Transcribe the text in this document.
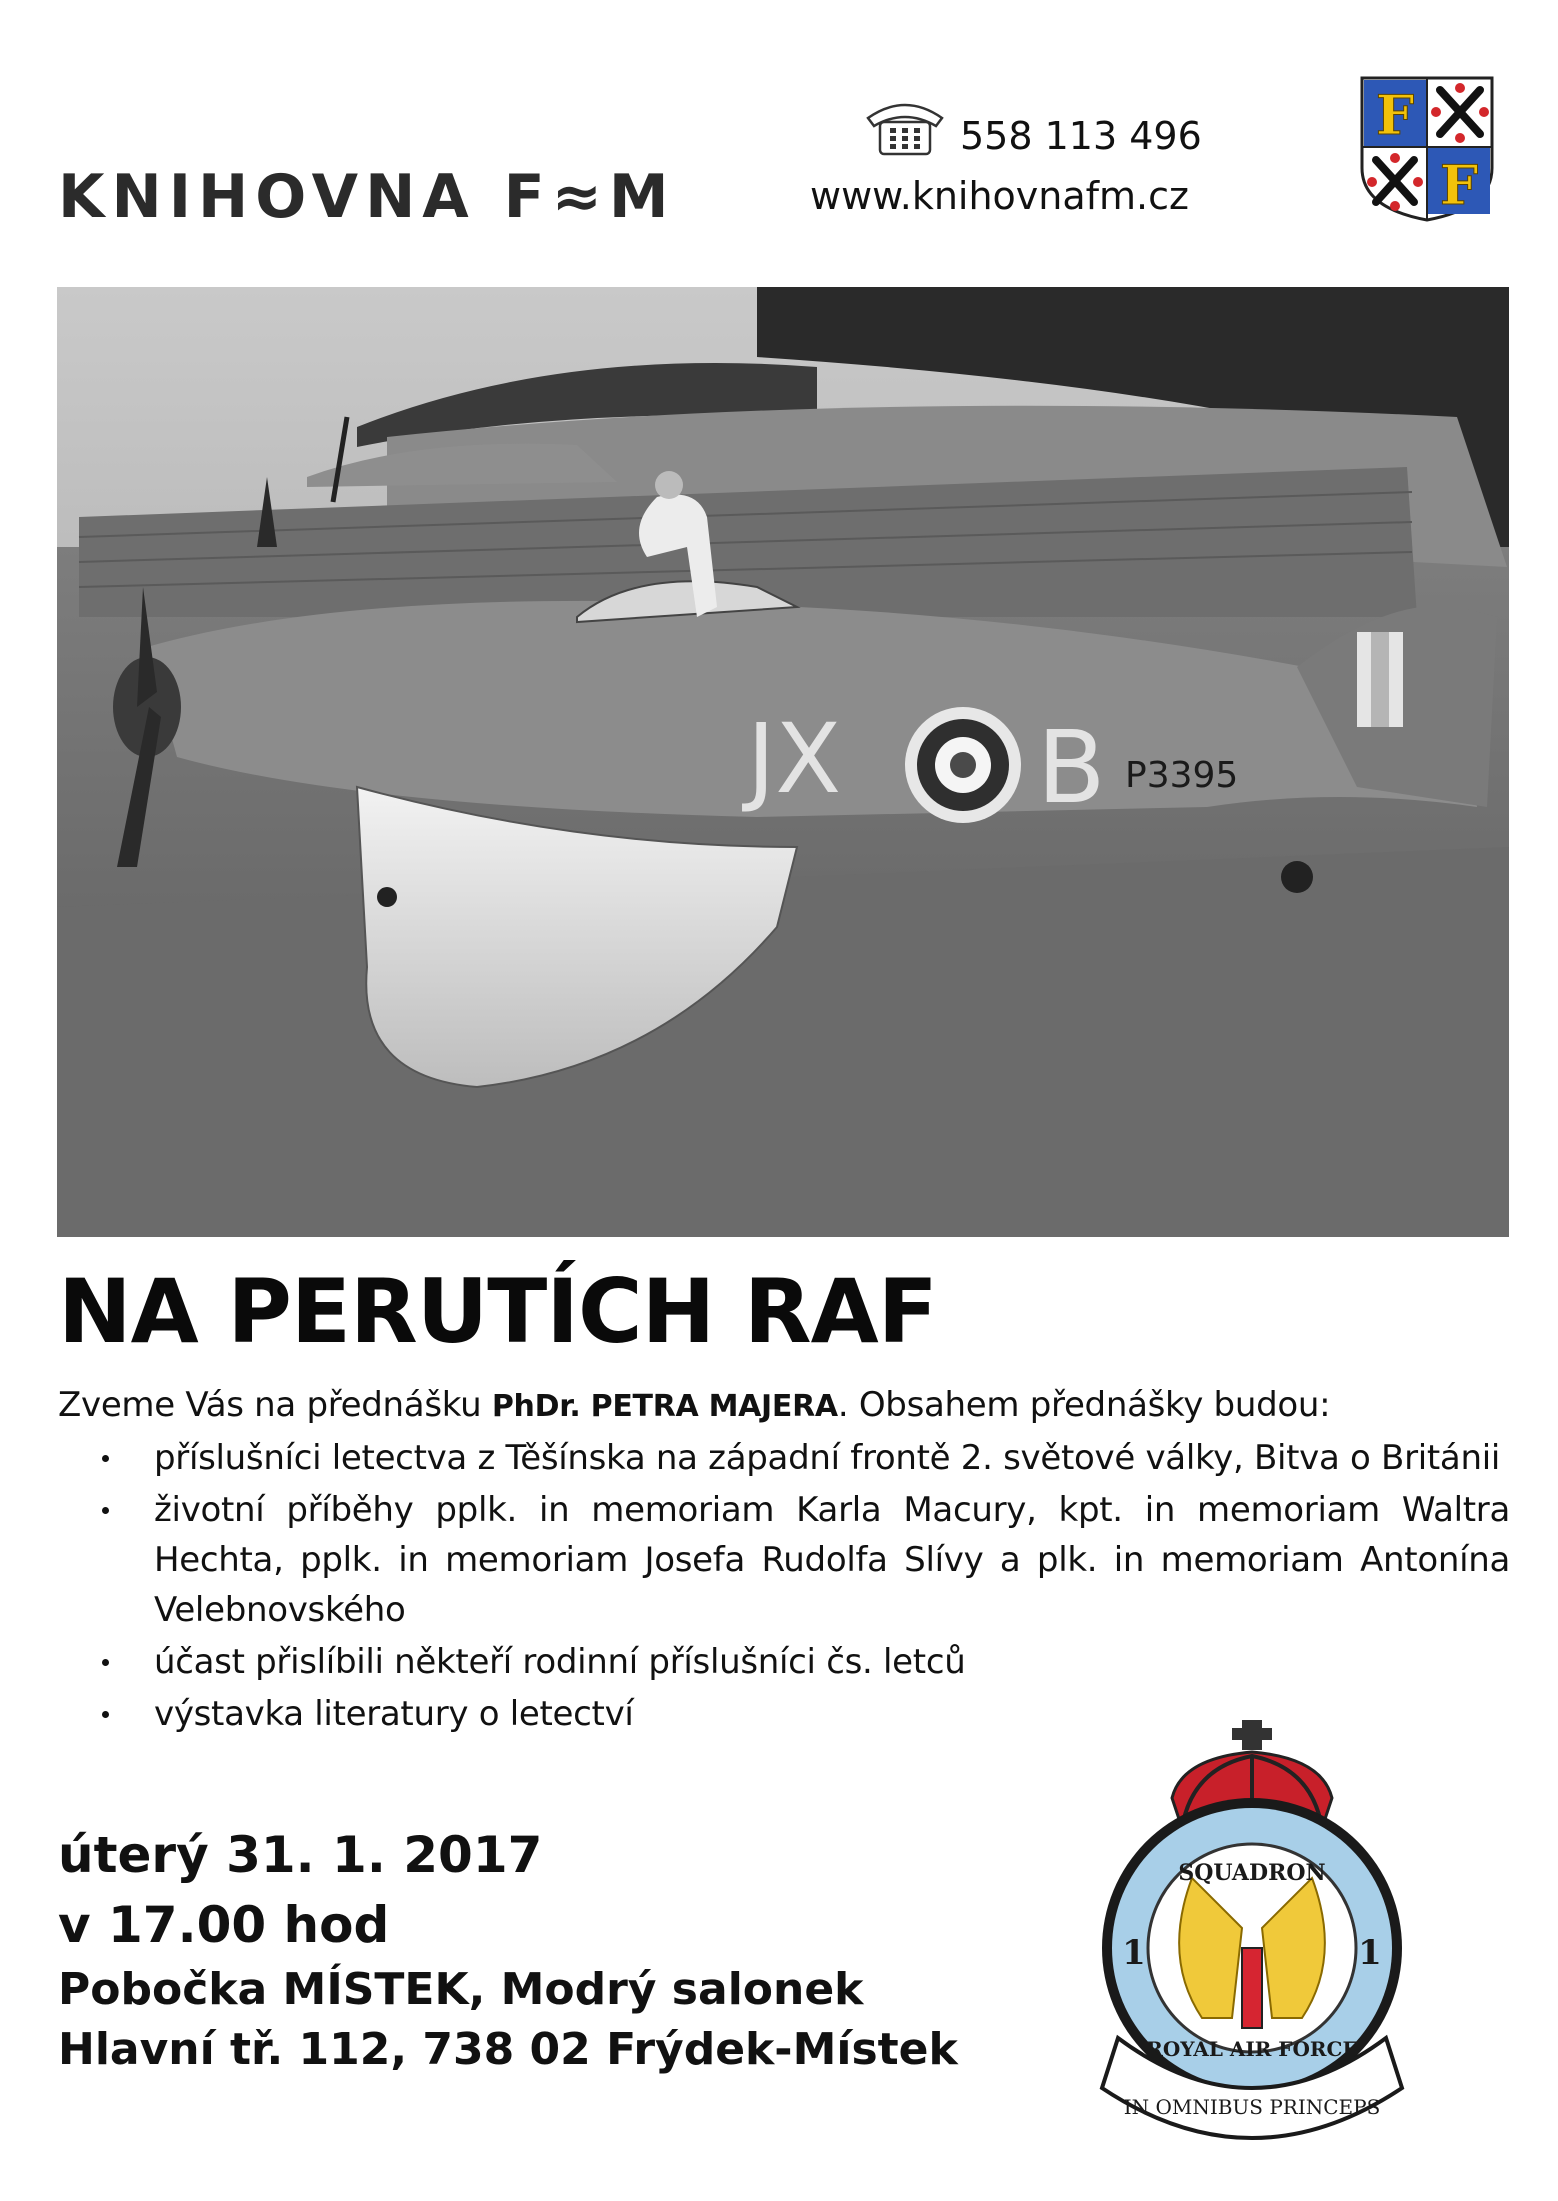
KNIHOVNA F≈M
558 113 496
www.knihovnafm.cz
F
F
JX B P3395
NA PERUTÍCH RAF
Zveme Vás na přednášku PhDr. PETRA MAJERA. Obsahem přednášky budou:
příslušníci letectva z Těšínska na západní frontě 2. světové války, Bitva o Británii
životní příběhy pplk. in memoriam Karla Macury, kpt. in memoriam Waltra Hechta, pplk. in memoriam Josefa Rudolfa Slívy a plk. in memoriam Antonína Velebnovského
účast přislíbili někteří rodinní příslušníci čs. letců
výstavka literatury o letectví
úterý 31. 1. 2017
v 17.00 hod
Pobočka MÍSTEK, Modrý salonek
Hlavní tř. 112, 738 02 Frýdek-Místek
SQUADRON
1	1
ROYAL AIR FORCE
IN OMNIBUS PRINCEPS
